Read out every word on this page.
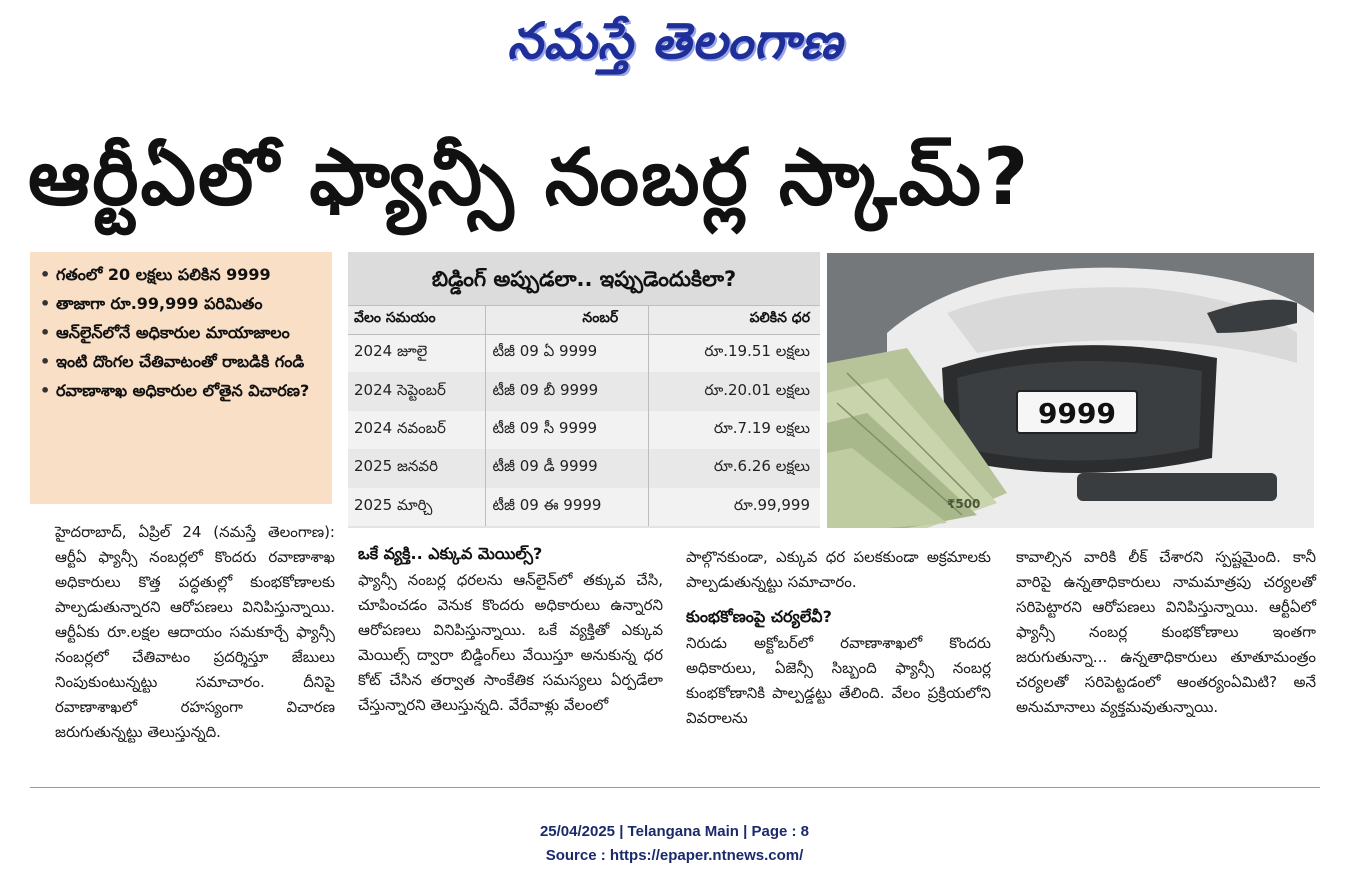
నమస్తే తెలంగాణ
ఆర్టీఏలో ఫ్యాన్సీ నంబర్ల స్కామ్?
• గతంలో 20 లక్షలు పలికిన 9999
• తాజాగా రూ.99,999 పరిమితం
• ఆన్‌లైన్‌లోనే అధికారుల మాయాజాలం
• ఇంటి దొంగల చేతివాటంతో రాబడికి గండి
• రవాణాశాఖ అధికారుల లోతైన విచారణ?
బిడ్డింగ్ అప్పుడలా.. ఇప్పుడెందుకిలా?
వేలం సమయం	నంబర్	పలికిన ధర
2024 జూలై	టీజీ 09 ఏ 9999	రూ.19.51 లక్షలు
2024 సెప్టెంబర్	టీజీ 09 బీ 9999	రూ.20.01 లక్షలు
2024 నవంబర్	టీజీ 09 సీ 9999	రూ.7.19 లక్షలు
2025 జనవరి	టీజీ 09 డీ 9999	రూ.6.26 లక్షలు
2025 మార్చి	టీజీ 09 ఈ 9999	రూ.99,999
9999
₹500
హైదరాబాద్, ఏప్రిల్ 24 (నమస్తే తెలంగాణ): ఆర్టీఏ ఫ్యాన్సీ నంబర్లలో కొందరు రవాణాశాఖ అధికారులు కొత్త పద్ధతుల్లో కుంభకోణాలకు పాల్పడుతున్నారని ఆరోపణలు వినిపిస్తున్నాయి. ఆర్టీఏకు రూ.లక్షల ఆదాయం సమకూర్చే ఫ్యాన్సీ నంబర్లలో చేతివాటం ప్రదర్శిస్తూ జేబులు నింపుకుంటున్నట్టు సమాచారం. దీనిపై రవాణాశాఖలో రహస్యంగా విచారణ జరుగుతున్నట్టు తెలుస్తున్నది.
ఒకే వ్యక్తి.. ఎక్కువ మెయిల్స్?
ఫ్యాన్సీ నంబర్ల ధరలను ఆన్‌లైన్‌లో తక్కువ చేసి, చూపించడం వెనుక కొందరు అధికారులు ఉన్నారని ఆరోపణలు వినిపిస్తున్నాయి. ఒకే వ్యక్తితో ఎక్కువ మెయిల్స్ ద్వారా బిడ్డింగ్‌లు వేయిస్తూ అనుకున్న ధర కోట్ చేసిన తర్వాత సాంకేతిక సమస్యలు ఏర్పడేలా చేస్తున్నారని తెలుస్తున్నది. వేరేవాళ్లు వేలంలో
పాల్గొనకుండా, ఎక్కువ ధర పలకకుండా అక్రమాలకు పాల్పడుతున్నట్టు సమాచారం.
కుంభకోణంపై చర్యలేవీ?
నిరుడు అక్టోబర్‌లో రవాణాశాఖలో కొందరు అధికారులు, ఏజెన్సీ సిబ్బంది ఫ్యాన్సీ నంబర్ల కుంభకోణానికి పాల్పడ్డట్టు తేలింది. వేలం ప్రక్రియలోని వివరాలను
కావాల్సిన వారికి లీక్ చేశారని స్పష్టమైంది. కానీ వారిపై ఉన్నతాధికారులు నామమాత్రపు చర్యలతో సరిపెట్టారని ఆరోపణలు వినిపిస్తున్నాయి. ఆర్టీఏలో ఫ్యాన్సీ నంబర్ల కుంభకోణాలు ఇంతగా జరుగుతున్నా... ఉన్నతాధికారులు తూతూమంత్రం చర్యలతో సరిపెట్టడంలో ఆంతర్యంఏమిటి? అనే అనుమానాలు వ్యక్తమవుతున్నాయి.
25/04/2025 | Telangana Main | Page : 8
Source : https://epaper.ntnews.com/
